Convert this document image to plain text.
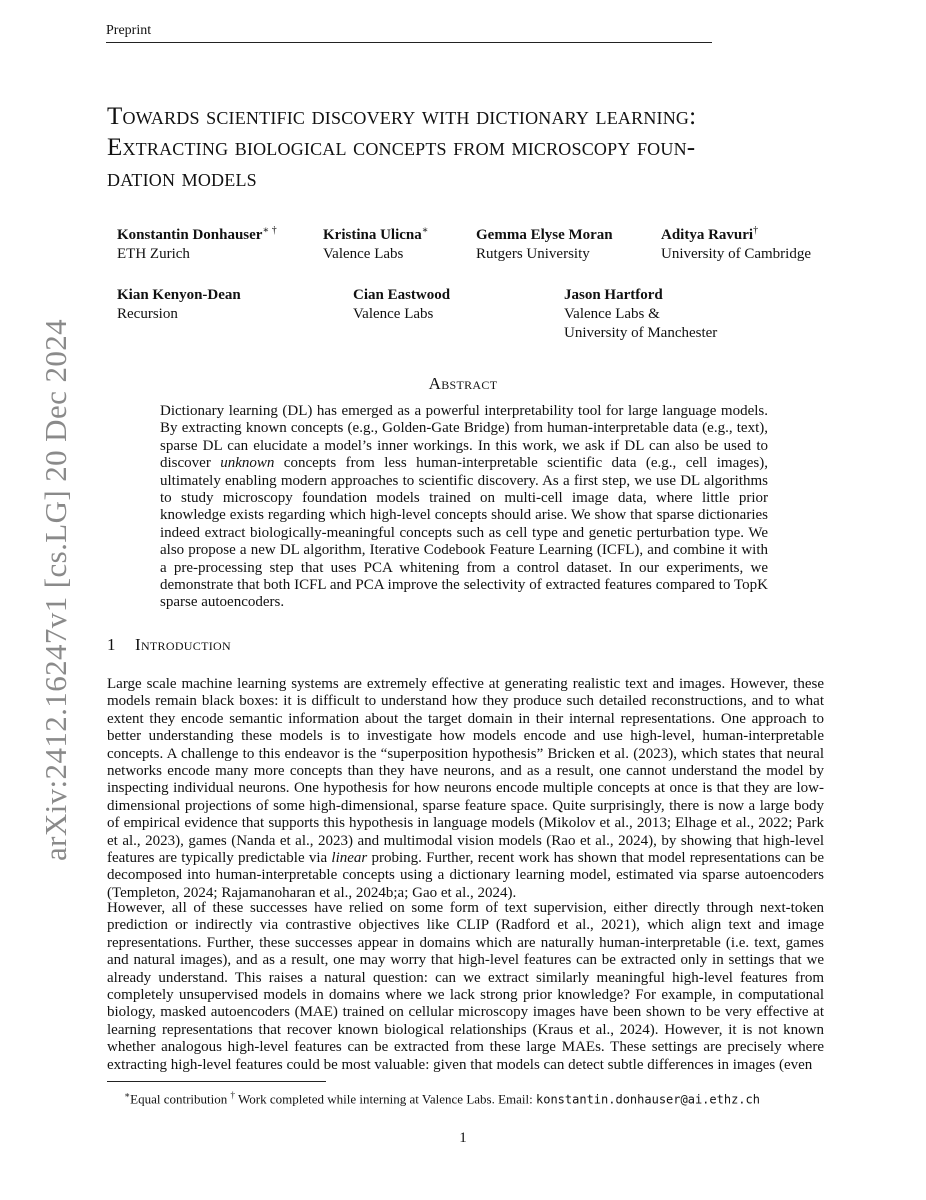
Preprint
arXiv:2412.16247v1 [cs.LG] 20 Dec 2024
Towards scientific discovery with dictionary learning:
Extracting biological concepts from microscopy foun-
dation models
Konstantin Donhauser∗ †
ETH Zurich
Kristina Ulicna∗
Valence Labs
Gemma Elyse Moran
Rutgers University
Aditya Ravuri†
University of Cambridge
Kian Kenyon-Dean
Recursion
Cian Eastwood
Valence Labs
Jason Hartford
Valence Labs &
University of Manchester
Abstract

Dictionary learning (DL) has emerged as a powerful interpretability tool for large language models. By extracting known concepts (e.g., Golden-Gate Bridge) from human-interpretable data (e.g., text), sparse DL can elucidate a model’s inner workings. In this work, we ask if DL can also be used to discover unknown concepts from less human-interpretable scientific data (e.g., cell images), ultimately enabling modern approaches to scientific discovery. As a first step, we use DL algorithms to study microscopy foundation models trained on multi-cell image data, where little prior knowledge exists regarding which high-level concepts should arise. We show that sparse dictionaries indeed extract biologically-meaningful concepts such as cell type and genetic perturbation type. We also propose a new DL algorithm, Iterative Codebook Feature Learning (ICFL), and combine it with a pre-processing step that uses PCA whitening from a control dataset. In our experiments, we demonstrate that both ICFL and PCA improve the selectivity of extracted features compared to TopK sparse autoencoders.

1 Introduction

Large scale machine learning systems are extremely effective at generating realistic text and images. However, these models remain black boxes: it is difficult to understand how they produce such detailed reconstructions, and to what extent they encode semantic information about the target domain in their internal representations. One approach to better understanding these models is to investigate how models encode and use high-level, human-interpretable concepts. A challenge to this endeavor is the “superposition hypothesis” Bricken et al. (2023), which states that neural networks encode many more concepts than they have neurons, and as a result, one cannot understand the model by inspecting individual neurons. One hypothesis for how neurons encode multiple concepts at once is that they are low-dimensional projections of some high-dimensional, sparse feature space. Quite surprisingly, there is now a large body of empirical evidence that supports this hypothesis in language models (Mikolov et al., 2013; Elhage et al., 2022; Park et al., 2023), games (Nanda et al., 2023) and multimodal vision models (Rao et al., 2024), by showing that high-level features are typically predictable via linear probing. Further, recent work has shown that model representations can be decomposed into human-interpretable concepts using a dictionary learning model, estimated via sparse autoencoders (Templeton, 2024; Rajamanoharan et al., 2024b;a; Gao et al., 2024).

However, all of these successes have relied on some form of text supervision, either directly through next-token prediction or indirectly via contrastive objectives like CLIP (Radford et al., 2021), which align text and image representations. Further, these successes appear in domains which are naturally human-interpretable (i.e. text, games and natural images), and as a result, one may worry that high-level features can be extracted only in settings that we already understand. This raises a natural question: can we extract similarly meaningful high-level features from completely unsupervised models in domains where we lack strong prior knowledge? For example, in computational biology, masked autoencoders (MAE) trained on cellular microscopy images have been shown to be very effective at learning representations that recover known biological relationships (Kraus et al., 2024). However, it is not known whether analogous high-level features can be extracted from these large MAEs. These settings are precisely where extracting high-level features could be most valuable: given that models can detect subtle differences in images (even

∗Equal contribution † Work completed while interning at Valence Labs. Email: konstantin.donhauser@ai.ethz.ch
1
